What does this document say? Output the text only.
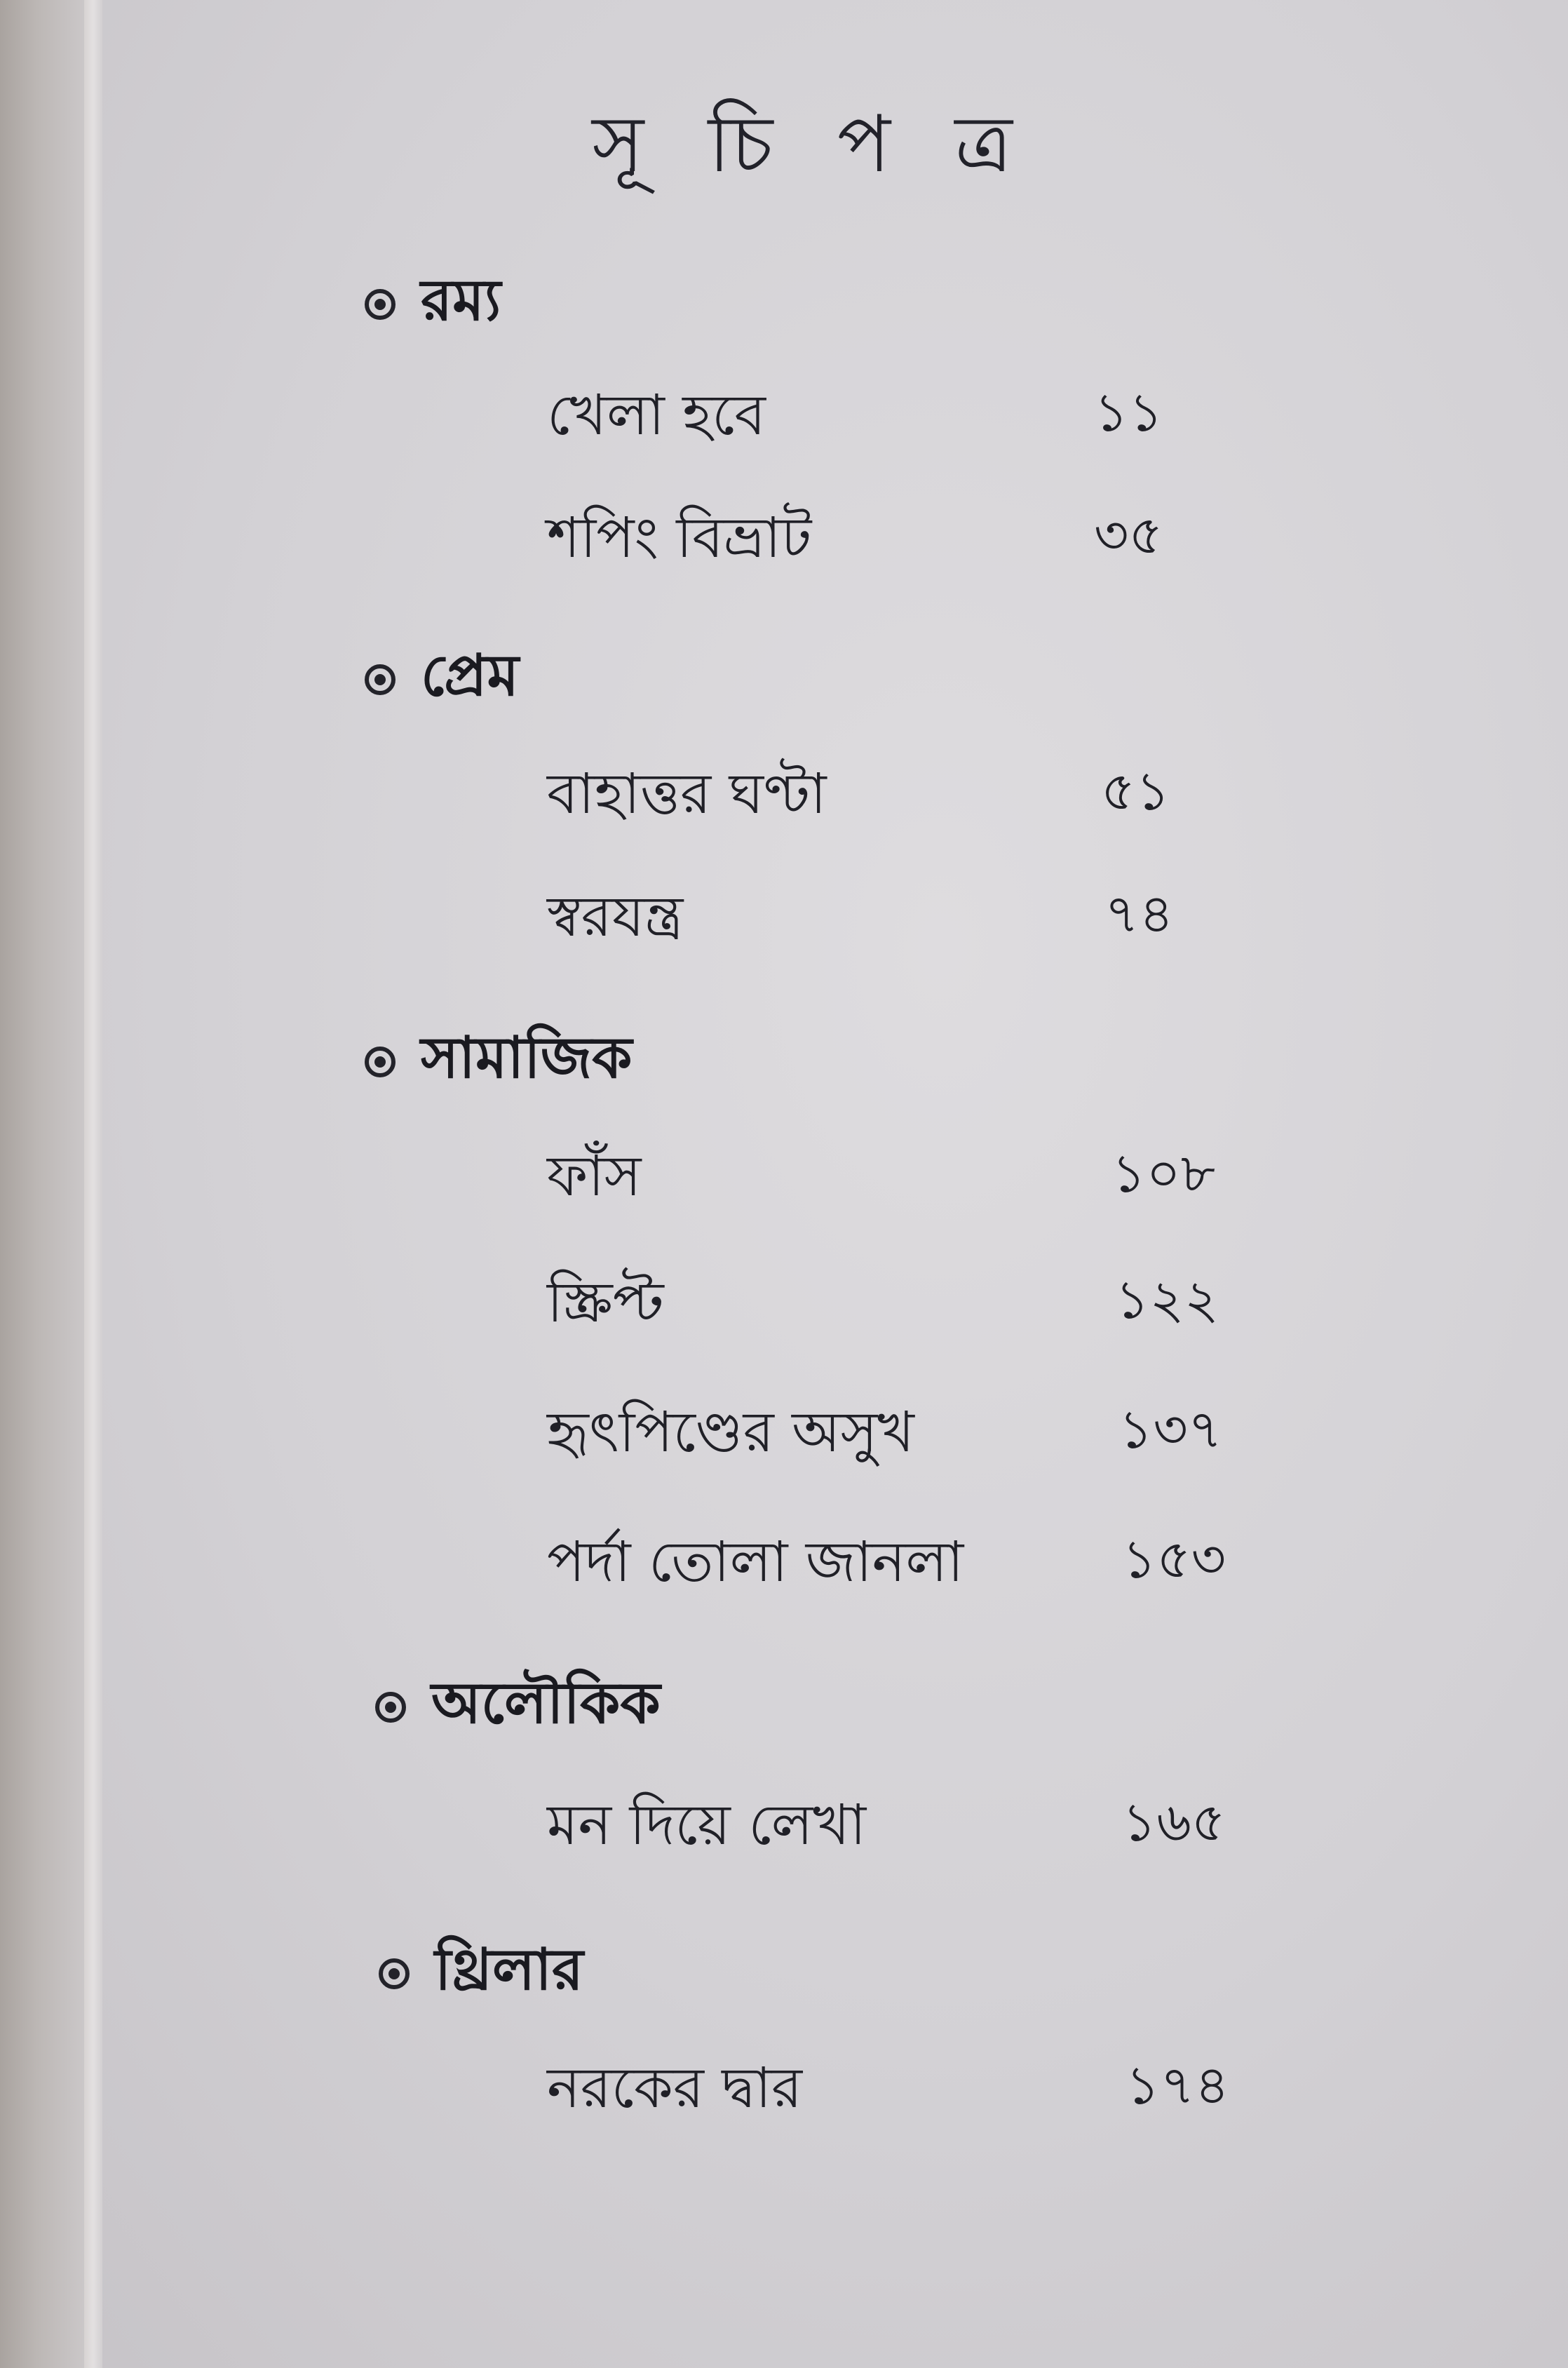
সূ চি প ত্র
রম্য
খেলা হবে	১১
শপিং বিভ্রাট	৩৫
প্রেম
বাহাত্তর ঘণ্টা	৫১
স্বরযন্ত্র	৭৪
সামাজিক
ফাঁস	১০৮
স্ক্রিপ্ট	১২২
হৃৎপিণ্ডের অসুখ	১৩৭
পর্দা তোলা জানলা	১৫৩
অলৌকিক
মন দিয়ে লেখা	১৬৫
থ্রিলার
নরকের দ্বার	১৭৪
